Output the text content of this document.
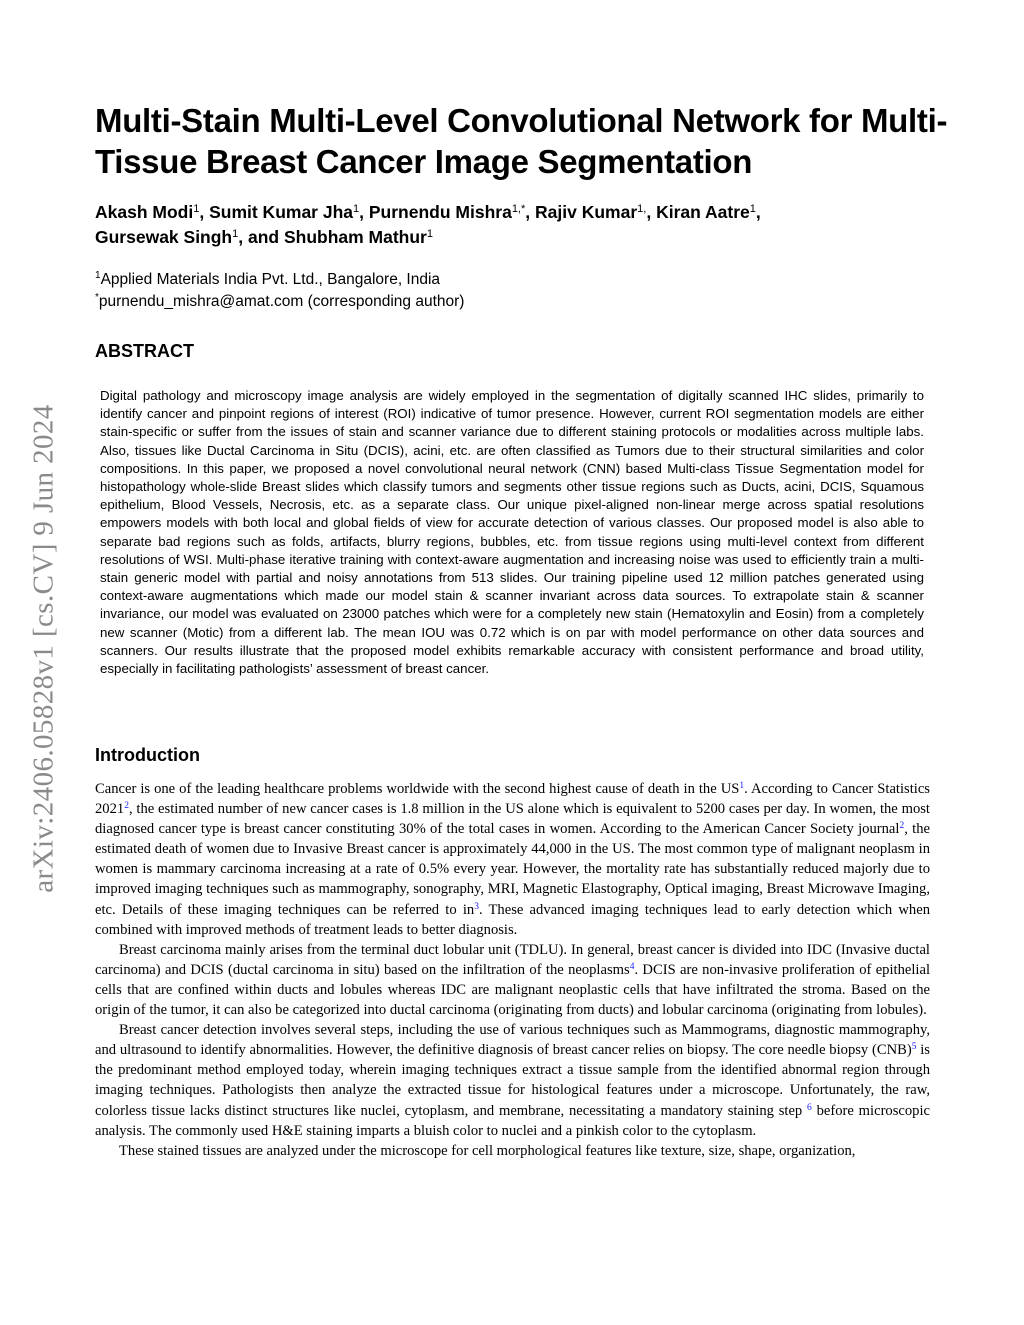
arXiv:2406.05828v1 [cs.CV] 9 Jun 2024
Multi-Stain Multi-Level Convolutional Network for Multi-Tissue Breast Cancer Image Segmentation
Akash Modi$^1$, Sumit Kumar Jha$^1$, Purnendu Mishra$^{1,*}$, Rajiv Kumar$^{1,}$, Kiran Aatre$^1$,
Gursewak Singh$^1$, and Shubham Mathur$^1$
$^1$Applied Materials India Pvt. Ltd., Bangalore, India
*purnendu_mishra@amat.com (corresponding author)
ABSTRACT

Digital pathology and microscopy image analysis are widely employed in the segmentation of digitally scanned IHC slides, primarily to identify cancer and pinpoint regions of interest (ROI) indicative of tumor presence. However, current ROI segmentation models are either stain-specific or suffer from the issues of stain and scanner variance due to different staining protocols or modalities across multiple labs. Also, tissues like Ductal Carcinoma in Situ (DCIS), acini, etc. are often classified as Tumors due to their structural similarities and color compositions. In this paper, we proposed a novel convolutional neural network (CNN) based Multi-class Tissue Segmentation model for histopathology whole-slide Breast slides which classify tumors and segments other tissue regions such as Ducts, acini, DCIS, Squamous epithelium, Blood Vessels, Necrosis, etc. as a separate class. Our unique pixel-aligned non-linear merge across spatial resolutions empowers models with both local and global fields of view for accurate detection of various classes. Our proposed model is also able to separate bad regions such as folds, artifacts, blurry regions, bubbles, etc. from tissue regions using multi-level context from different resolutions of WSI. Multi-phase iterative training with context-aware augmentation and increasing noise was used to efficiently train a multi-stain generic model with partial and noisy annotations from 513 slides. Our training pipeline used 12 million patches generated using context-aware augmentations which made our model stain & scanner invariant across data sources. To extrapolate stain & scanner invariance, our model was evaluated on 23000 patches which were for a completely new stain (Hematoxylin and Eosin) from a completely new scanner (Motic) from a different lab. The mean IOU was 0.72 which is on par with model performance on other data sources and scanners. Our results illustrate that the proposed model exhibits remarkable accuracy with consistent performance and broad utility, especially in facilitating pathologists’ assessment of breast cancer.

Introduction

Cancer is one of the leading healthcare problems worldwide with the second highest cause of death in the US$^1$. According to Cancer Statistics 2021$^2$, the estimated number of new cancer cases is 1.8 million in the US alone which is equivalent to 5200 cases per day. In women, the most diagnosed cancer type is breast cancer constituting 30% of the total cases in women. According to the American Cancer Society journal$^2$, the estimated death of women due to Invasive Breast cancer is approximately 44,000 in the US. The most common type of malignant neoplasm in women is mammary carcinoma increasing at a rate of 0.5% every year. However, the mortality rate has substantially reduced majorly due to improved imaging techniques such as mammography, sonography, MRI, Magnetic Elastography, Optical imaging, Breast Microwave Imaging, etc. Details of these imaging techniques can be referred to in$^3$. These advanced imaging techniques lead to early detection which when combined with improved methods of treatment leads to better diagnosis.

Breast carcinoma mainly arises from the terminal duct lobular unit (TDLU). In general, breast cancer is divided into IDC (Invasive ductal carcinoma) and DCIS (ductal carcinoma in situ) based on the infiltration of the neoplasms$^4$. DCIS are non-invasive proliferation of epithelial cells that are confined within ducts and lobules whereas IDC are malignant neoplastic cells that have infiltrated the stroma. Based on the origin of the tumor, it can also be categorized into ductal carcinoma (originating from ducts) and lobular carcinoma (originating from lobules).

Breast cancer detection involves several steps, including the use of various techniques such as Mammograms, diagnostic mammography, and ultrasound to identify abnormalities. However, the definitive diagnosis of breast cancer relies on biopsy. The core needle biopsy (CNB)$^5$ is the predominant method employed today, wherein imaging techniques extract a tissue sample from the identified abnormal region through imaging techniques. Pathologists then analyze the extracted tissue for histological features under a microscope. Unfortunately, the raw, colorless tissue lacks distinct structures like nuclei, cytoplasm, and membrane, necessitating a mandatory staining step $^6$ before microscopic analysis. The commonly used H&E staining imparts a bluish color to nuclei and a pinkish color to the cytoplasm.

These stained tissues are analyzed under the microscope for cell morphological features like texture, size, shape, organization,
